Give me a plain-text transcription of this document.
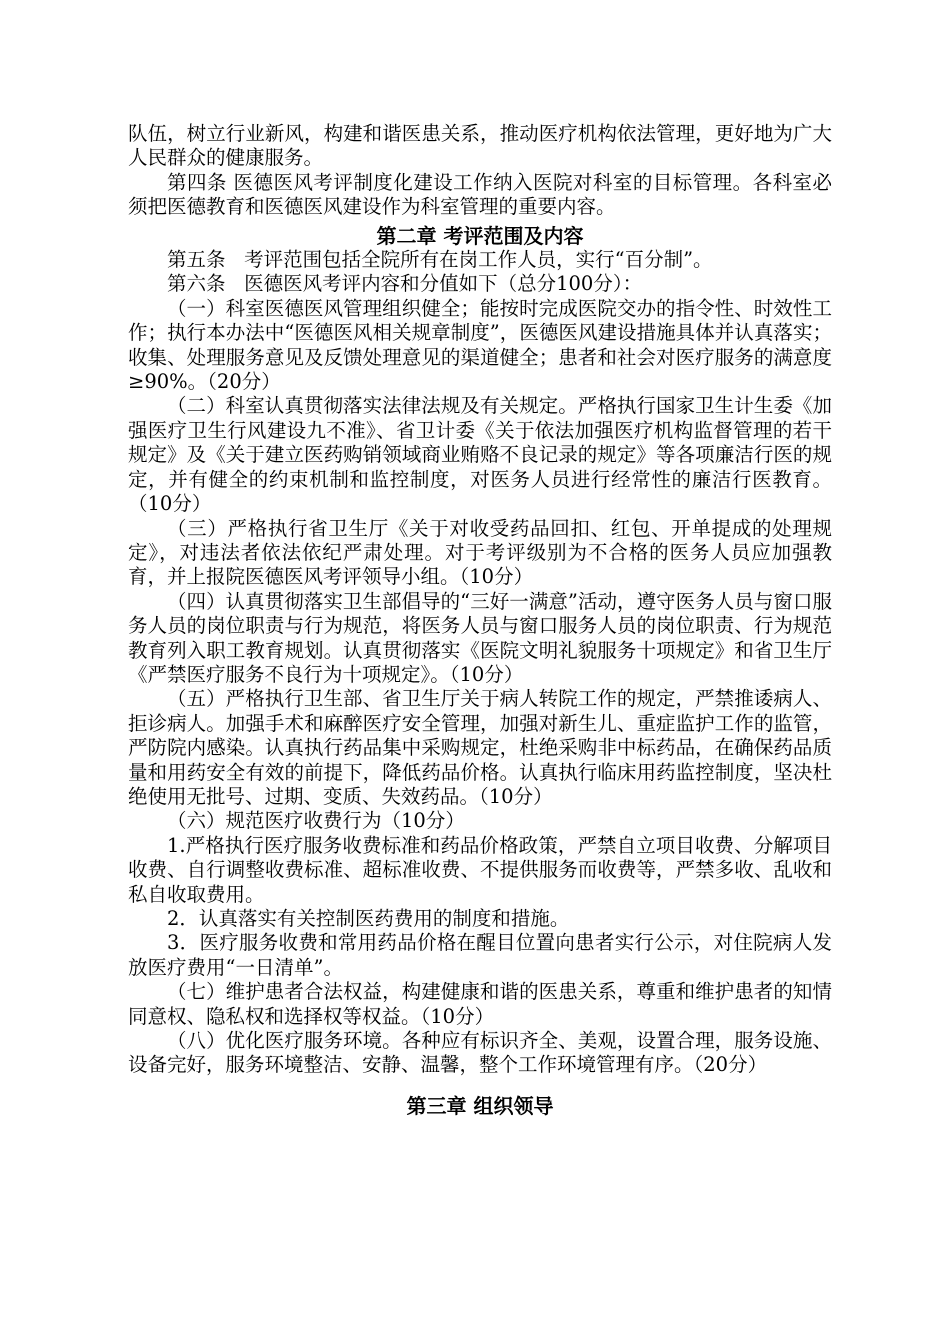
队伍，树立行业新风，构建和谐医患关系，推动医疗机构依法管理，更好地为广大人民群众的健康服务。

第四条 医德医风考评制度化建设工作纳入医院对科室的目标管理。各科室必须把医德教育和医德医风建设作为科室管理的重要内容。

第二章 考评范围及内容

第五条   考评范围包括全院所有在岗工作人员，实行“百分制”。

第六条   医德医风考评内容和分值如下（总分100分）：

（一）科室医德医风管理组织健全；能按时完成医院交办的指令性、时效性工作；执行本办法中“医德医风相关规章制度”，医德医风建设措施具体并认真落实；收集、处理服务意见及反馈处理意见的渠道健全；患者和社会对医疗服务的满意度≥90%。（20分）

（二）科室认真贯彻落实法律法规及有关规定。严格执行国家卫生计生委《加强医疗卫生行风建设九不准》、省卫计委《关于依法加强医疗机构监督管理的若干规定》及《关于建立医药购销领域商业贿赂不良记录的规定》等各项廉洁行医的规定，并有健全的约束机制和监控制度，对医务人员进行经常性的廉洁行医教育。（10分）

（三）严格执行省卫生厅《关于对收受药品回扣、红包、开单提成的处理规定》，对违法者依法依纪严肃处理。对于考评级别为不合格的医务人员应加强教育，并上报院医德医风考评领导小组。（10分）

（四）认真贯彻落实卫生部倡导的“三好一满意”活动，遵守医务人员与窗口服务人员的岗位职责与行为规范，将医务人员与窗口服务人员的岗位职责、行为规范教育列入职工教育规划。认真贯彻落实《医院文明礼貌服务十项规定》和省卫生厅《严禁医疗服务不良行为十项规定》。（10分）

（五）严格执行卫生部、省卫生厅关于病人转院工作的规定，严禁推诿病人、拒诊病人。加强手术和麻醉医疗安全管理，加强对新生儿、重症监护工作的监管，严防院内感染。认真执行药品集中采购规定，杜绝采购非中标药品，在确保药品质量和用药安全有效的前提下，降低药品价格。认真执行临床用药监控制度，坚决杜绝使用无批号、过期、变质、失效药品。（10分）

（六）规范医疗收费行为（10分）

1.严格执行医疗服务收费标准和药品价格政策，严禁自立项目收费、分解项目收费、自行调整收费标准、超标准收费、不提供服务而收费等，严禁多收、乱收和私自收取费用。

2．认真落实有关控制医药费用的制度和措施。

3．医疗服务收费和常用药品价格在醒目位置向患者实行公示，对住院病人发放医疗费用“一日清单”。

（七）维护患者合法权益，构建健康和谐的医患关系，尊重和维护患者的知情同意权、隐私权和选择权等权益。（10分）

（八）优化医疗服务环境。各种应有标识齐全、美观，设置合理，服务设施、设备完好，服务环境整洁、安静、温馨，整个工作环境管理有序。（20分）

第三章 组织领导
